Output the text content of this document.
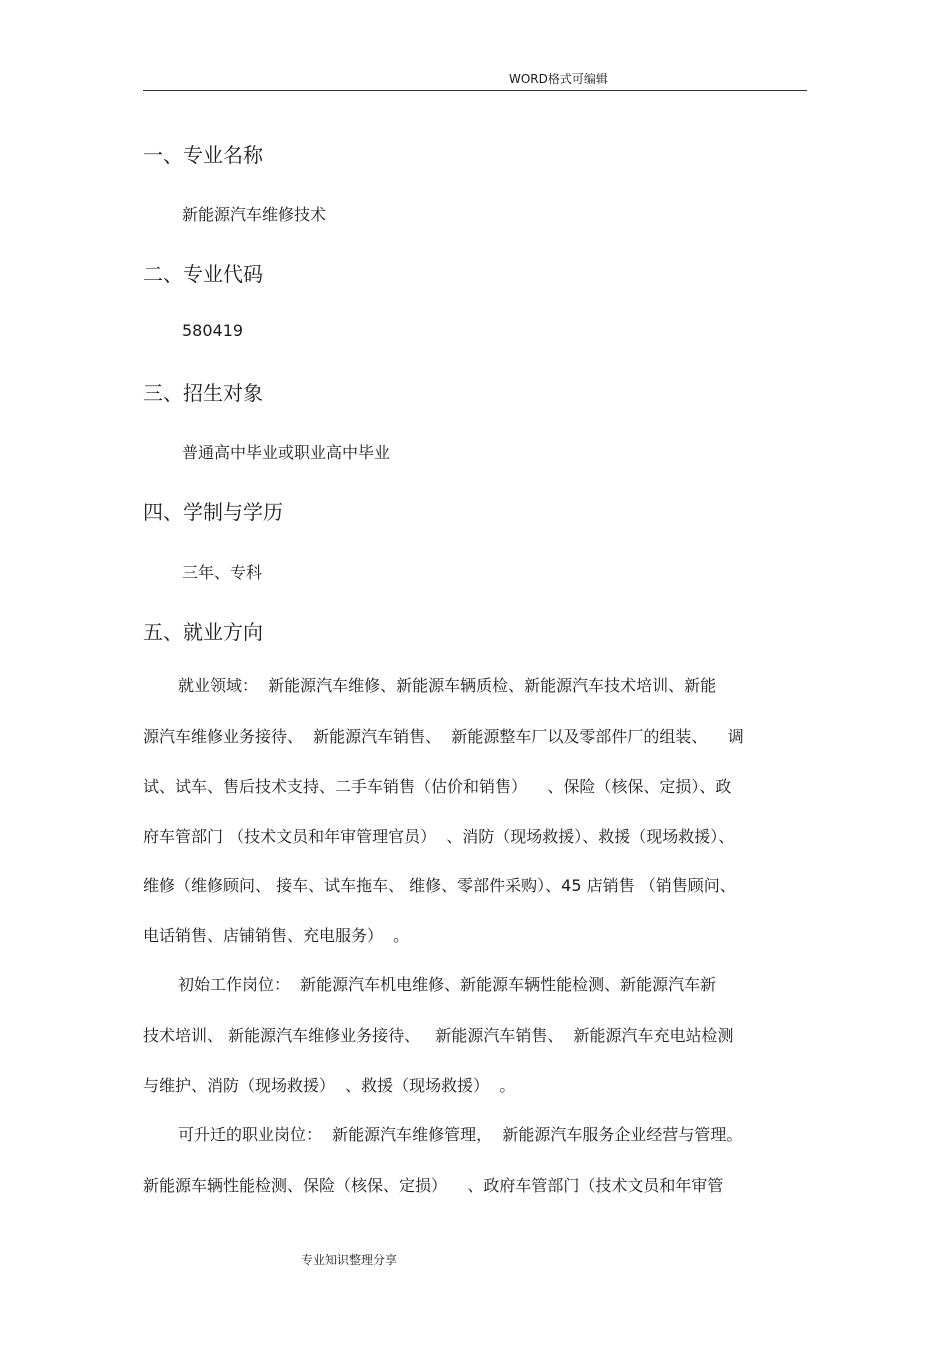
WORD格式可编辑
一、专业名称
新能源汽车维修技术
二、专业代码
580419
三、招生对象
普通高中毕业或职业高中毕业
四、学制与学历
三年、专科
五、就业方向
就业领域：  新能源汽车维修、新能源车辆质检、新能源汽车技术培训、新能
源汽车维修业务接待、  新能源汽车销售、  新能源整车厂以及零部件厂的组装、    调
试、试车、售后技术支持、二手车销售（估价和销售）    、保险（核保、定损）、政
府车管部门 （技术文员和年审管理官员）  、消防（现场救援）、救援（现场救援）、
维修（维修顾问、 接车、试车拖车、 维修、零部件采购）、45 店销售 （销售顾问、
电话销售、店铺销售、充电服务）  。
初始工作岗位：  新能源汽车机电维修、新能源车辆性能检测、新能源汽车新
技术培训、 新能源汽车维修业务接待、   新能源汽车销售、  新能源汽车充电站检测
与维护、消防（现场救援）  、救援（现场救援）  。
可升迁的职业岗位：  新能源汽车维修管理，  新能源汽车服务企业经营与管理。
新能源车辆性能检测、保险（核保、定损）    、政府车管部门（技术文员和年审管
专业知识整理分享
